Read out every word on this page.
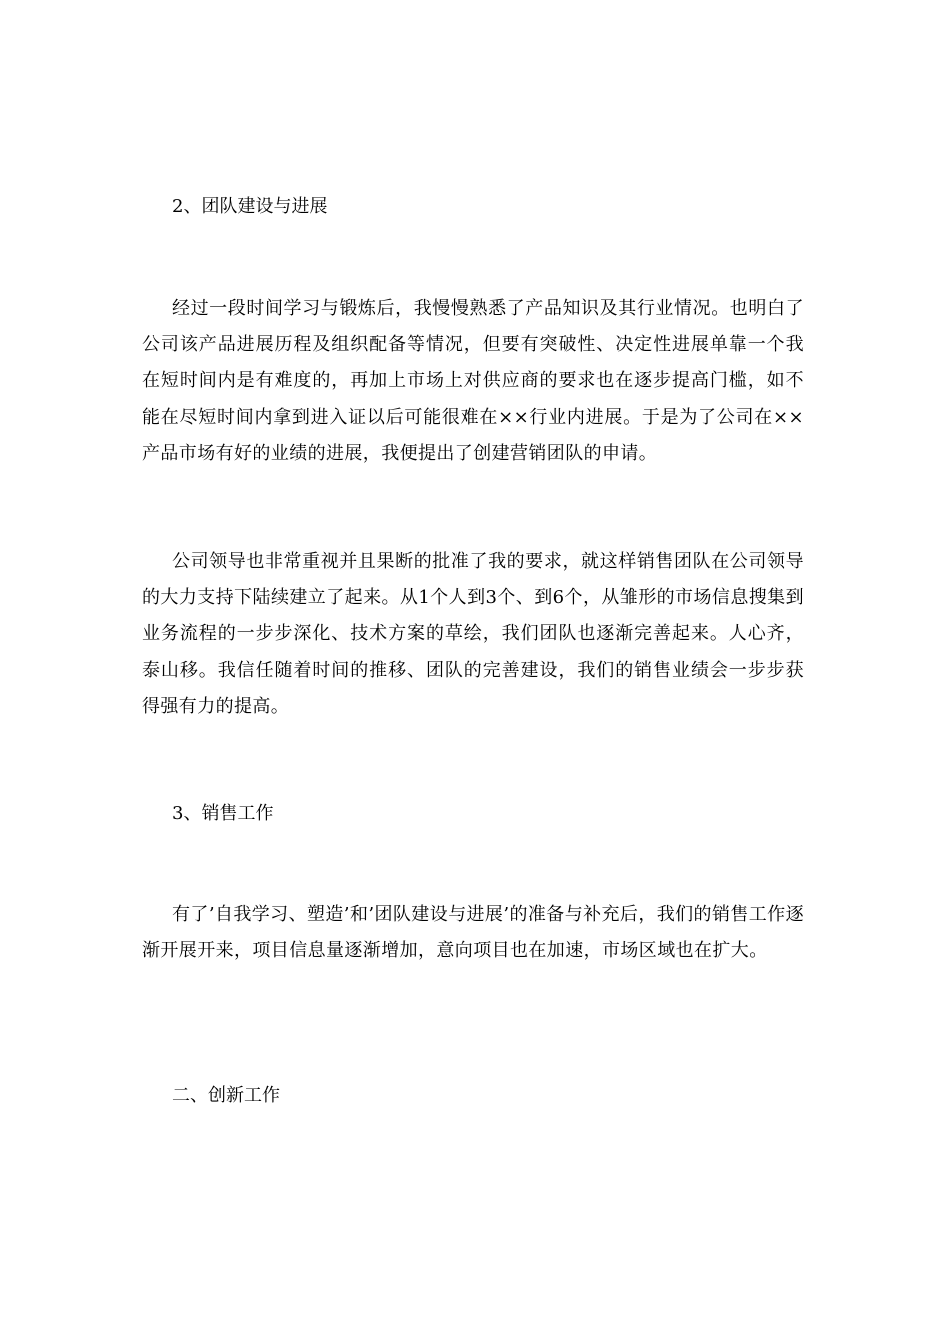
2、团队建设与进展
经过一段时间学习与锻炼后，我慢慢熟悉了产品知识及其行业情况。也明白了公司该产品进展历程及组织配备等情况，但要有突破性、决定性进展单靠一个我在短时间内是有难度的，再加上市场上对供应商的要求也在逐步提高门槛，如不能在尽短时间内拿到进入证以后可能很难在××行业内进展。于是为了公司在××产品市场有好的业绩的进展，我便提出了创建营销团队的申请。
公司领导也非常重视并且果断的批准了我的要求，就这样销售团队在公司领导的大力支持下陆续建立了起来。从1个人到3个、到6个，从雏形的市场信息搜集到业务流程的一步步深化、技术方案的草绘，我们团队也逐渐完善起来。人心齐，泰山移。我信任随着时间的推移、团队的完善建设，我们的销售业绩会一步步获得强有力的提高。
3、销售工作
有了’自我学习、塑造’和’团队建设与进展’的准备与补充后，我们的销售工作逐渐开展开来，项目信息量逐渐增加，意向项目也在加速，市场区域也在扩大。
二、创新工作
